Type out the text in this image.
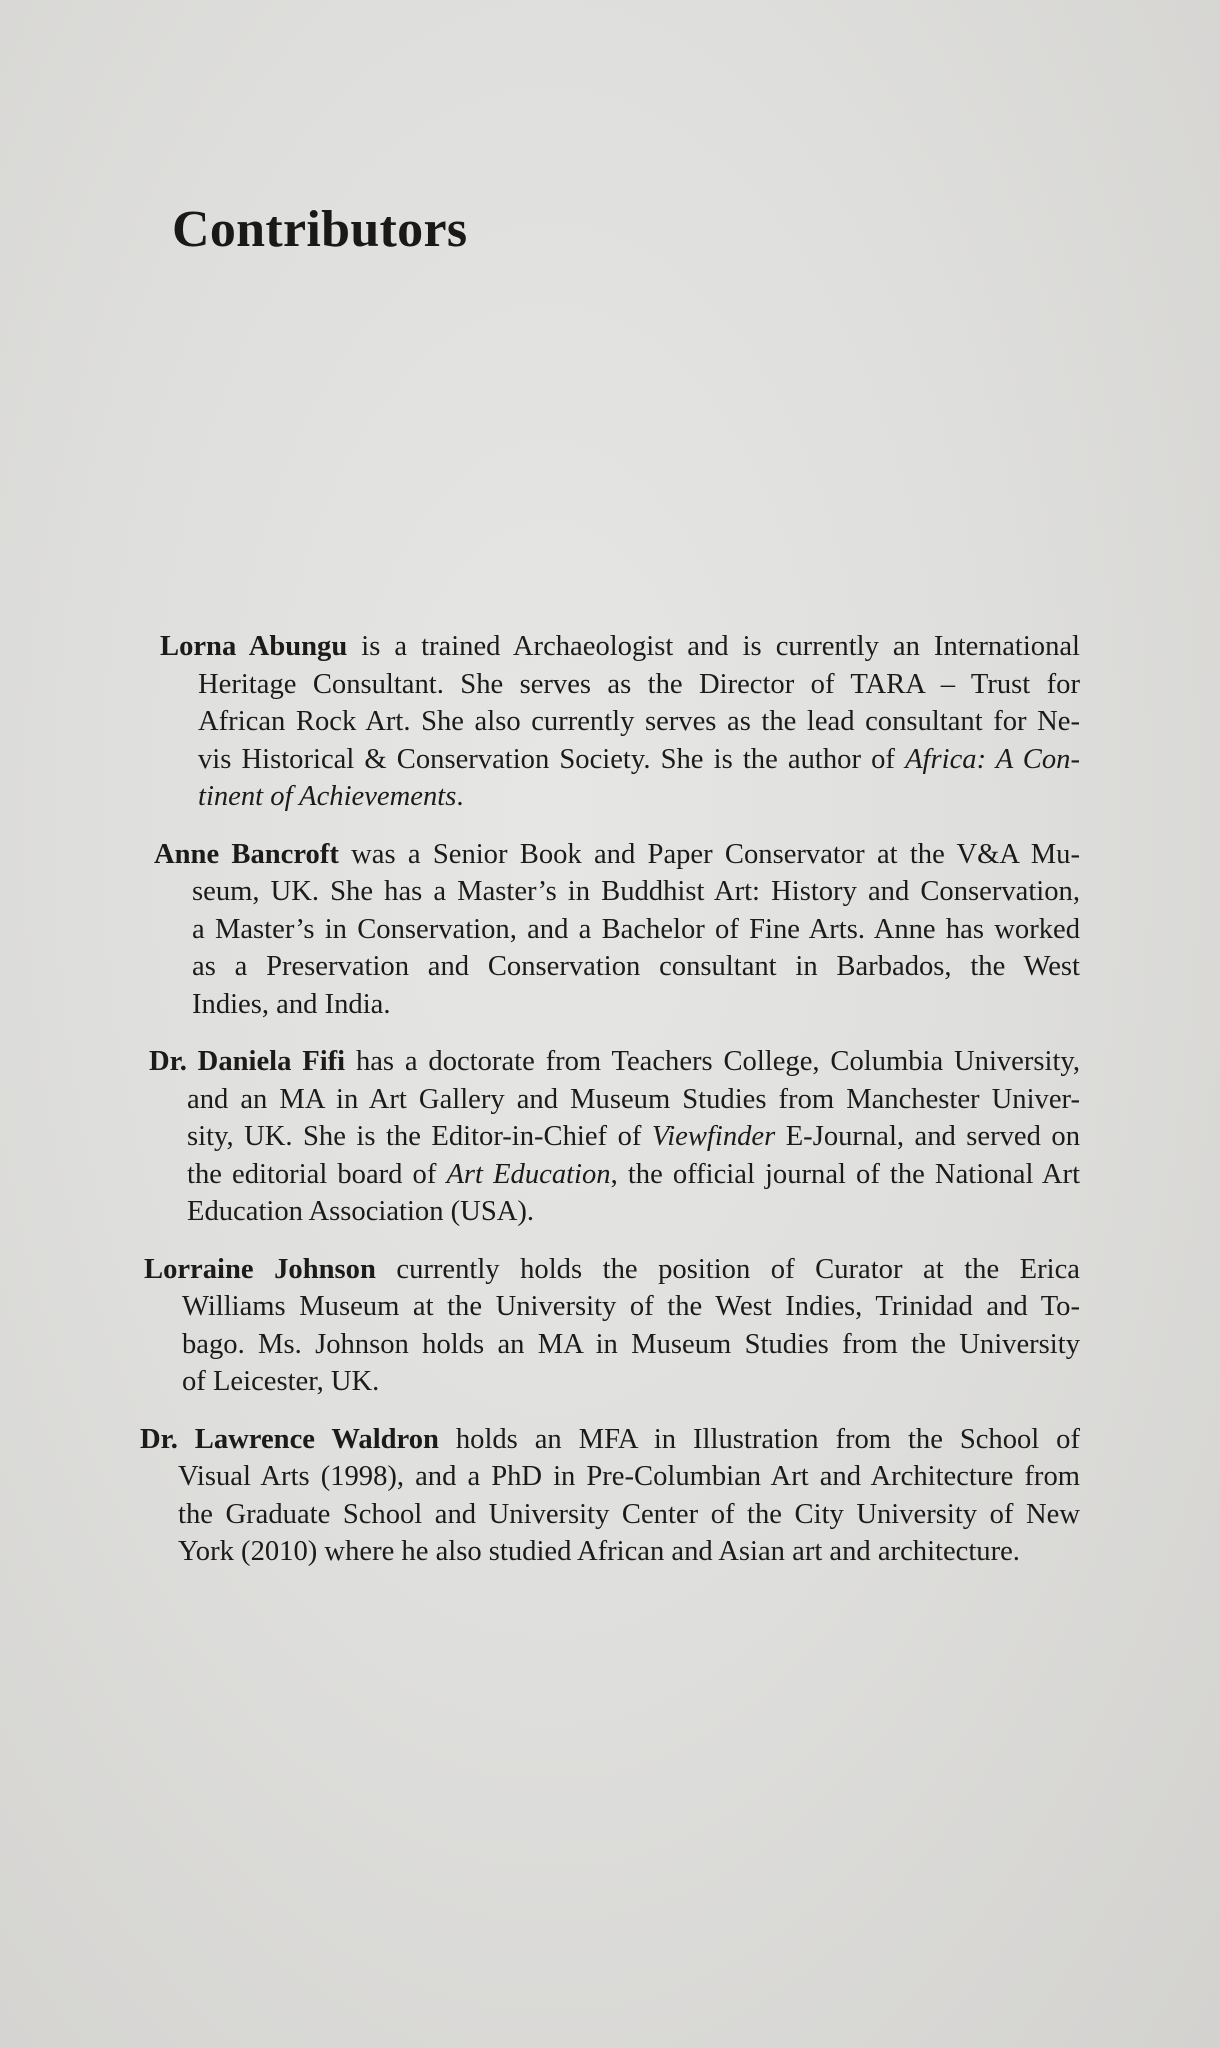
Contributors
Lorna Abungu is a trained Archaeologist and is currently an International
Heritage Consultant. She serves as the Director of TARA – Trust for
African Rock Art. She also currently serves as the lead consultant for Ne-
vis Historical & Conservation Society. She is the author of Africa: A Con-
tinent of Achievements.
Anne Bancroft was a Senior Book and Paper Conservator at the V&A Mu-
seum, UK. She has a Master’s in Buddhist Art: History and Conservation,
a Master’s in Conservation, and a Bachelor of Fine Arts. Anne has worked
as a Preservation and Conservation consultant in Barbados, the West
Indies, and India.
Dr. Daniela Fifi has a doctorate from Teachers College, Columbia University,
and an MA in Art Gallery and Museum Studies from Manchester Univer-
sity, UK. She is the Editor-in-Chief of Viewfinder E-Journal, and served on
the editorial board of Art Education, the official journal of the National Art
Education Association (USA).
Lorraine Johnson currently holds the position of Curator at the Erica
Williams Museum at the University of the West Indies, Trinidad and To-
bago. Ms. Johnson holds an MA in Museum Studies from the University
of Leicester, UK.
Dr. Lawrence Waldron holds an MFA in Illustration from the School of
Visual Arts (1998), and a PhD in Pre-Columbian Art and Architecture from
the Graduate School and University Center of the City University of New
York (2010) where he also studied African and Asian art and architecture.
